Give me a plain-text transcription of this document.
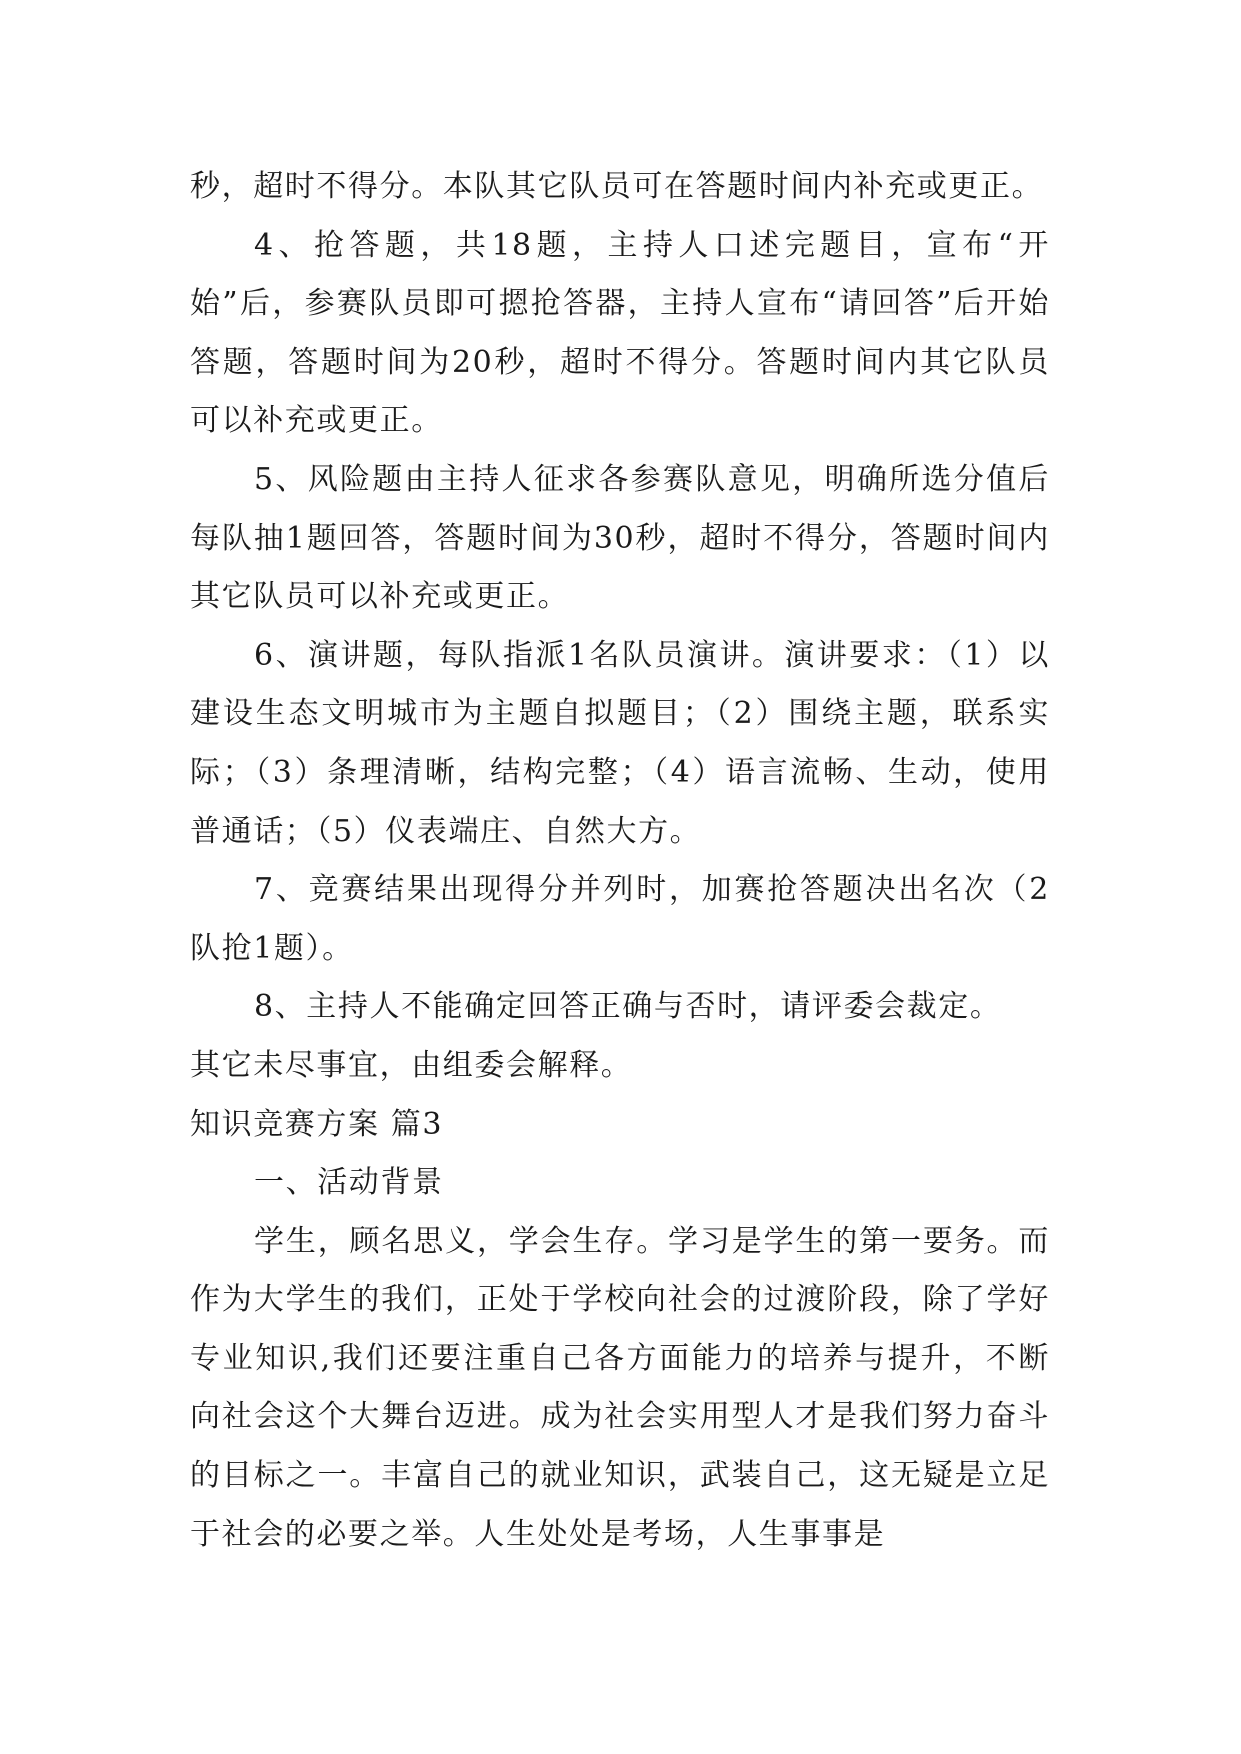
秒，超时不得分。本队其它队员可在答题时间内补充或更正。

4、抢答题，共18题，主持人口述完题目，宣布“开始”后，参赛队员即可摁抢答器，主持人宣布“请回答”后开始答题，答题时间为20秒，超时不得分。答题时间内其它队员可以补充或更正。

5、风险题由主持人征求各参赛队意见，明确所选分值后每队抽1题回答，答题时间为30秒，超时不得分，答题时间内其它队员可以补充或更正。

6、演讲题，每队指派1名队员演讲。演讲要求：（1）以建设生态文明城市为主题自拟题目；（2）围绕主题，联系实际；（3）条理清晰，结构完整；（4）语言流畅、生动，使用普通话；（5）仪表端庄、自然大方。

7、竞赛结果出现得分并列时，加赛抢答题决出名次（2队抢1题）。

8、主持人不能确定回答正确与否时，请评委会裁定。

其它未尽事宜，由组委会解释。

知识竞赛方案 篇3

一、活动背景

学生，顾名思义，学会生存。学习是学生的第一要务。而作为大学生的我们，正处于学校向社会的过渡阶段，除了学好专业知识,我们还要注重自己各方面能力的培养与提升，不断向社会这个大舞台迈进。成为社会实用型人才是我们努力奋斗的目标之一。丰富自己的就业知识，武装自己，这无疑是立足于社会的必要之举。人生处处是考场，人生事事是
